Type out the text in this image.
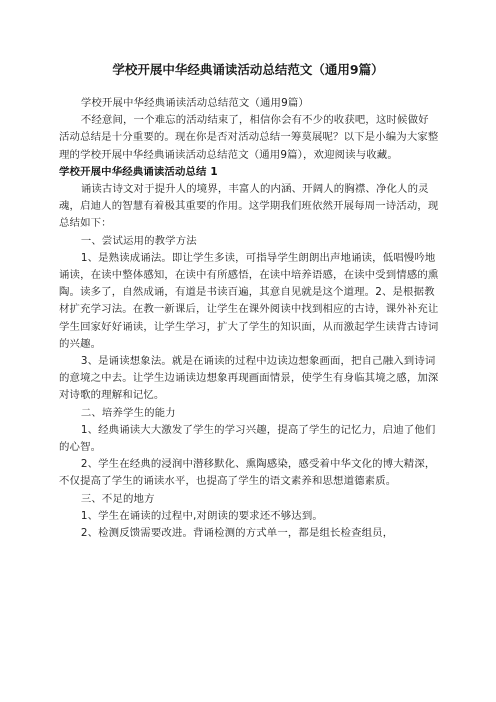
学校开展中华经典诵读活动总结范文（通用9篇）

学校开展中华经典诵读活动总结范文（通用9篇）

不经意间，一个难忘的活动结束了，相信你会有不少的收获吧，这时候做好活动总结是十分重要的。现在你是否对活动总结一筹莫展呢？以下是小编为大家整理的学校开展中华经典诵读活动总结范文（通用9篇），欢迎阅读与收藏。

学校开展中华经典诵读活动总结 1

诵读古诗文对于提升人的境界，丰富人的内涵、开阔人的胸襟、净化人的灵魂，启迪人的智慧有着极其重要的作用。这学期我们班依然开展每周一诗活动，现总结如下：

一、尝试运用的教学方法

1、是熟读成诵法。即让学生多读，可指导学生朗朗出声地诵读，低唱慢吟地诵读，在读中整体感知，在读中有所感悟，在读中培养语感，在读中受到情感的熏陶。读多了，自然成诵，有道是书读百遍，其意自见就是这个道理。2、是根据教材扩充学习法。在教一新课后，让学生在课外阅读中找到相应的古诗，课外补充让学生回家好好诵读，让学生学习，扩大了学生的知识面，从而激起学生读背古诗词的兴趣。

3、是诵读想象法。就是在诵读的过程中边读边想象画面，把自己融入到诗词的意境之中去。让学生边诵读边想象再现画面情景，使学生有身临其境之感，加深对诗歌的理解和记忆。

二、培养学生的能力

1、经典诵读大大激发了学生的学习兴趣，提高了学生的记忆力，启迪了他们的心智。

2、学生在经典的浸润中潜移默化、熏陶感染，感受着中华文化的博大精深，不仅提高了学生的诵读水平，也提高了学生的语文素养和思想道德素质。

三、不足的地方

1、学生在诵读的过程中,对朗读的要求还不够达到。

2、检测反馈需要改进。背诵检测的方式单一，都是组长检查组员，
